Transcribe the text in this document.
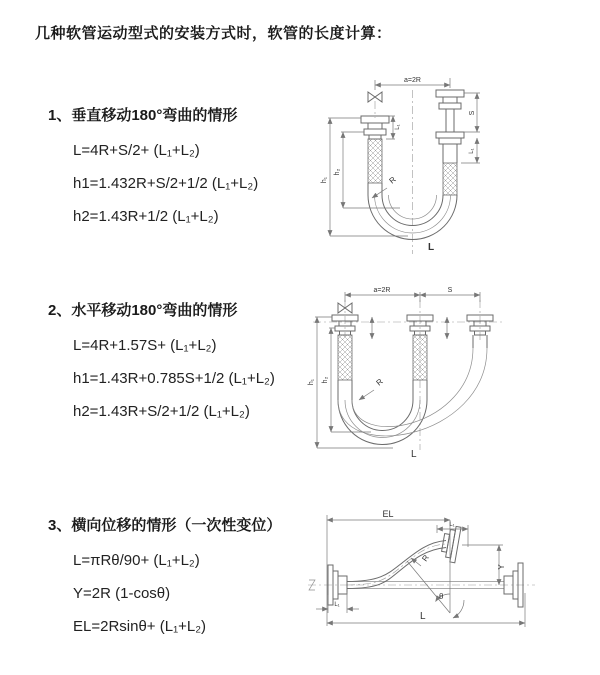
几种软管运动型式的安装方式时，软管的长度计算：
1、垂直移动180°弯曲的情形
L=4R+S/2+ (L₁+L₂)
h1=1.432R+S/2+1/2 (L₁+L₂)
h2=1.43R+1/2 (L₁+L₂)
2、水平移动180°弯曲的情形
L=4R+1.57S+ (L₁+L₂)
h1=1.43R+0.785S+1/2 (L₁+L₂)
h2=1.43R+S/2+1/2 (L₁+L₂)
3、横向位移的情形（一次性变位）
L=πRθ/90+ (L₁+L₂)
Y=2R (1-cosθ)
EL=2Rsinθ+ (L₁+L₂)
a=2R
h₁
h₂
L₁
S
L₁
R
L
a=2R	S
h₁ h₂	R
L
EL
L₁
Y
θ
R
L
L₁
